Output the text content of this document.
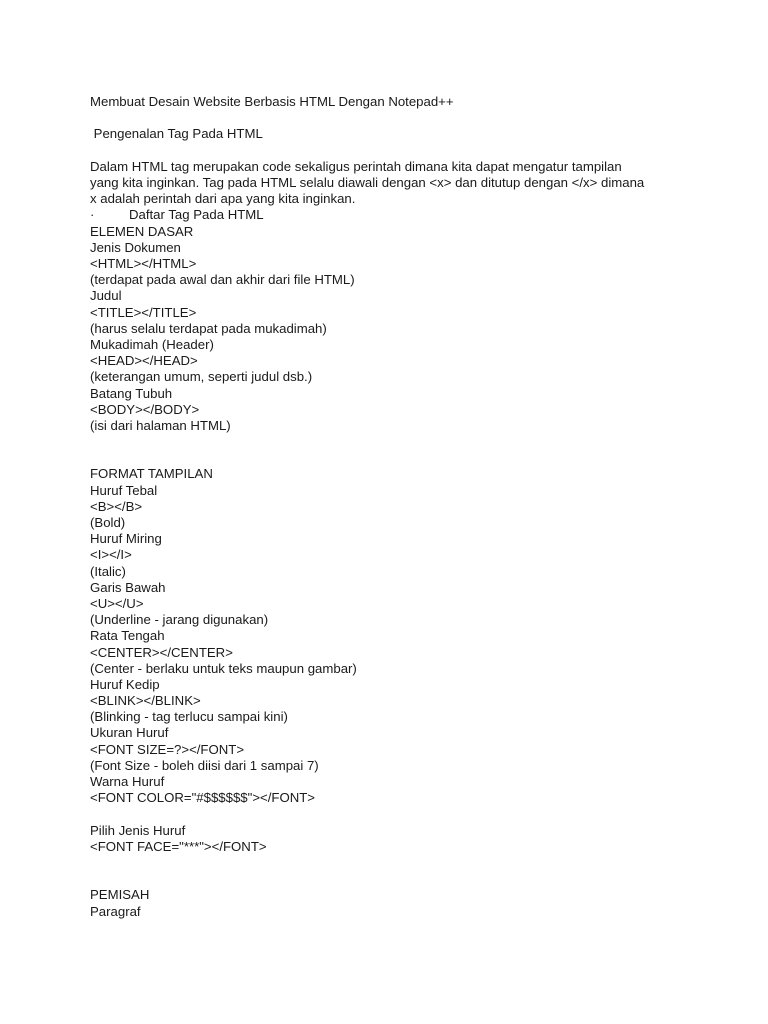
Membuat Desain Website Berbasis HTML Dengan Notepad++
Pengenalan Tag Pada HTML
Dalam HTML tag merupakan code sekaligus perintah dimana kita dapat mengatur tampilan
yang kita inginkan. Tag pada HTML selalu diawali dengan <x> dan ditutup dengan </x> dimana
x adalah perintah dari apa yang kita inginkan.
·	Daftar Tag Pada HTML
ELEMEN DASAR
Jenis Dokumen
<HTML></HTML>
(terdapat pada awal dan akhir dari file HTML)
Judul
<TITLE></TITLE>
(harus selalu terdapat pada mukadimah)
Mukadimah (Header)
<HEAD></HEAD>
(keterangan umum, seperti judul dsb.)
Batang Tubuh
<BODY></BODY>
(isi dari halaman HTML)
FORMAT TAMPILAN
Huruf Tebal
<B></B>
(Bold)
Huruf Miring
<I></I>
(Italic)
Garis Bawah
<U></U>
(Underline - jarang digunakan)
Rata Tengah
<CENTER></CENTER>
(Center - berlaku untuk teks maupun gambar)
Huruf Kedip
<BLINK></BLINK>
(Blinking - tag terlucu sampai kini)
Ukuran Huruf
<FONT SIZE=?></FONT>
(Font Size - boleh diisi dari 1 sampai 7)
Warna Huruf
<FONT COLOR="#$$$$$$"></FONT>
Pilih Jenis Huruf
<FONT FACE="***"></FONT>
PEMISAH
Paragraf
